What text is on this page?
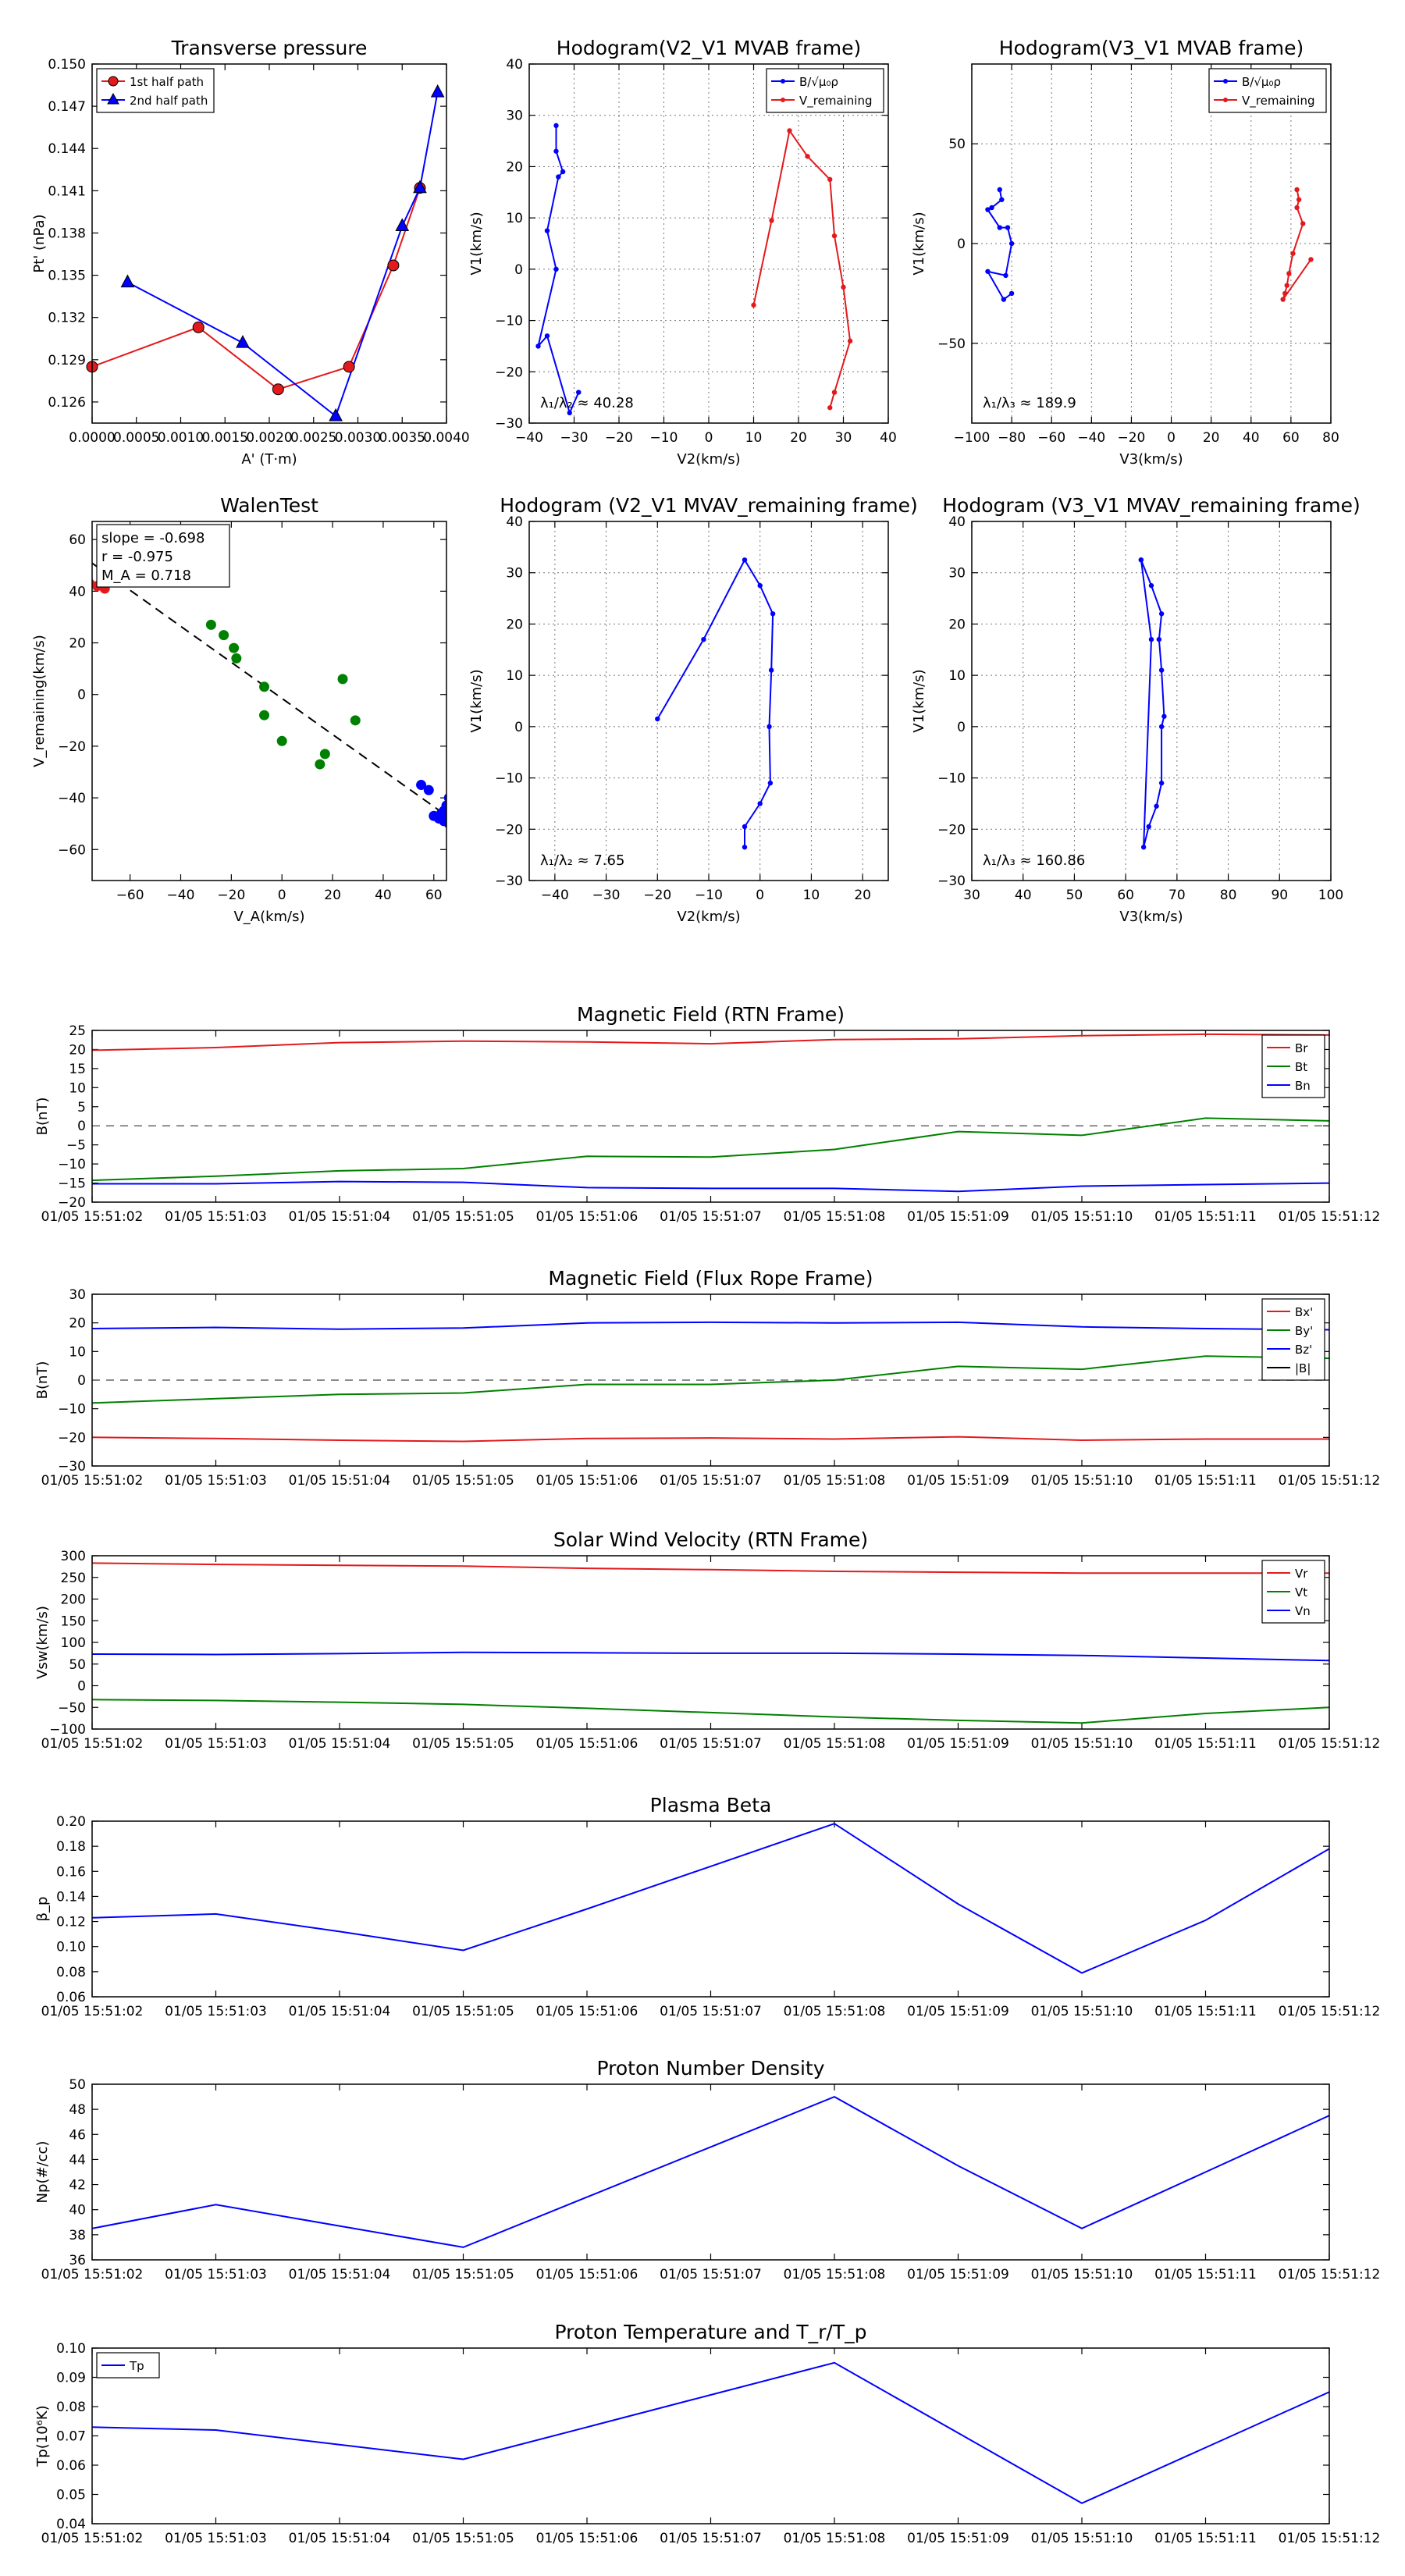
Transverse pressure
0.0000
0.0005
0.0010
0.0015
0.0020
0.0025
0.0030
0.0035
0.0040
0.126
0.129
0.132
0.135
0.138
0.141
0.144
0.147
0.150
A' (T·m)
Pt' (nPa)
1st half path
2nd half path
Hodogram(V2_V1 MVAB frame)
−40 −30 −20 −10 0 10 20 30 40
−30
−20
−10
0
10
20
30
40
V2(km/s)
V1(km/s)
λ₁/λ₂ ≈ 40.28
B/√μ₀ρ
V_remaining
Hodogram(V3_V1 MVAB frame)
−100 −80 −60 −40 −20 0 20 40 60 80
−50
0
50
V3(km/s)
V1(km/s)
λ₁/λ₃ ≈ 189.9
B/√μ₀ρ
V_remaining
WalenTest
−60 −40 −20 0	20	40	60
−60
−40
−20
0
20
40
60
V_A(km/s)
V_remaining(km/s)
slope = -0.698
r = -0.975
M_A = 0.718
Hodogram (V2_V1 MVAV_remaining frame)
−40 −30 −20 −10 0	10	20
−30
−20
−10
0
10
20
30
40
V2(km/s)
V1(km/s)
λ₁/λ₂ ≈ 7.65
Hodogram (V3_V1 MVAV_remaining frame)
30	40	50	60	70	80	90 100
−30
−20
−10
0
10
20
30
40
V3(km/s)
V1(km/s)
λ₁/λ₃ ≈ 160.86
Magnetic Field (RTN Frame)
01/05 15:51:02 01/05 15:51:03 01/05 15:51:04 01/05 15:51:05 01/05 15:51:06 01/05 15:51:07 01/05 15:51:08 01/05 15:51:09 01/05 15:51:10 01/05 15:51:11 01/05 15:51:12
−20
−15
−10
−5
0
5
10
15
20
25
B(nT)
Br
Bt
Bn
Magnetic Field (Flux Rope Frame)
01/05 15:51:02 01/05 15:51:03 01/05 15:51:04 01/05 15:51:05 01/05 15:51:06 01/05 15:51:07 01/05 15:51:08 01/05 15:51:09 01/05 15:51:10 01/05 15:51:11 01/05 15:51:12
−30
−20
−10
0
10
20
30
B(nT)
Bx'
By'
Bz'
|B|
Solar Wind Velocity (RTN Frame)
01/05 15:51:02 01/05 15:51:03 01/05 15:51:04 01/05 15:51:05 01/05 15:51:06 01/05 15:51:07 01/05 15:51:08 01/05 15:51:09 01/05 15:51:10 01/05 15:51:11 01/05 15:51:12
−100
−50
0
50
100
150
200
250
300
Vsw(km/s)
Vr
Vt
Vn
Plasma Beta
01/05 15:51:02 01/05 15:51:03 01/05 15:51:04 01/05 15:51:05 01/05 15:51:06 01/05 15:51:07 01/05 15:51:08 01/05 15:51:09 01/05 15:51:10 01/05 15:51:11 01/05 15:51:12
0.06
0.08
0.10
0.12
0.14
0.16
0.18
0.20
β_p
Proton Number Density
01/05 15:51:02 01/05 15:51:03 01/05 15:51:04 01/05 15:51:05 01/05 15:51:06 01/05 15:51:07 01/05 15:51:08 01/05 15:51:09 01/05 15:51:10 01/05 15:51:11 01/05 15:51:12
36
38
40
42
44
46
48
50
Np(#/cc)
Proton Temperature and T_r/T_p
01/05 15:51:02 01/05 15:51:03 01/05 15:51:04 01/05 15:51:05 01/05 15:51:06 01/05 15:51:07 01/05 15:51:08 01/05 15:51:09 01/05 15:51:10 01/05 15:51:11 01/05 15:51:12
0.04
0.05
0.06
0.07
0.08
0.09
0.10
Tp(10⁶K)
Tp
